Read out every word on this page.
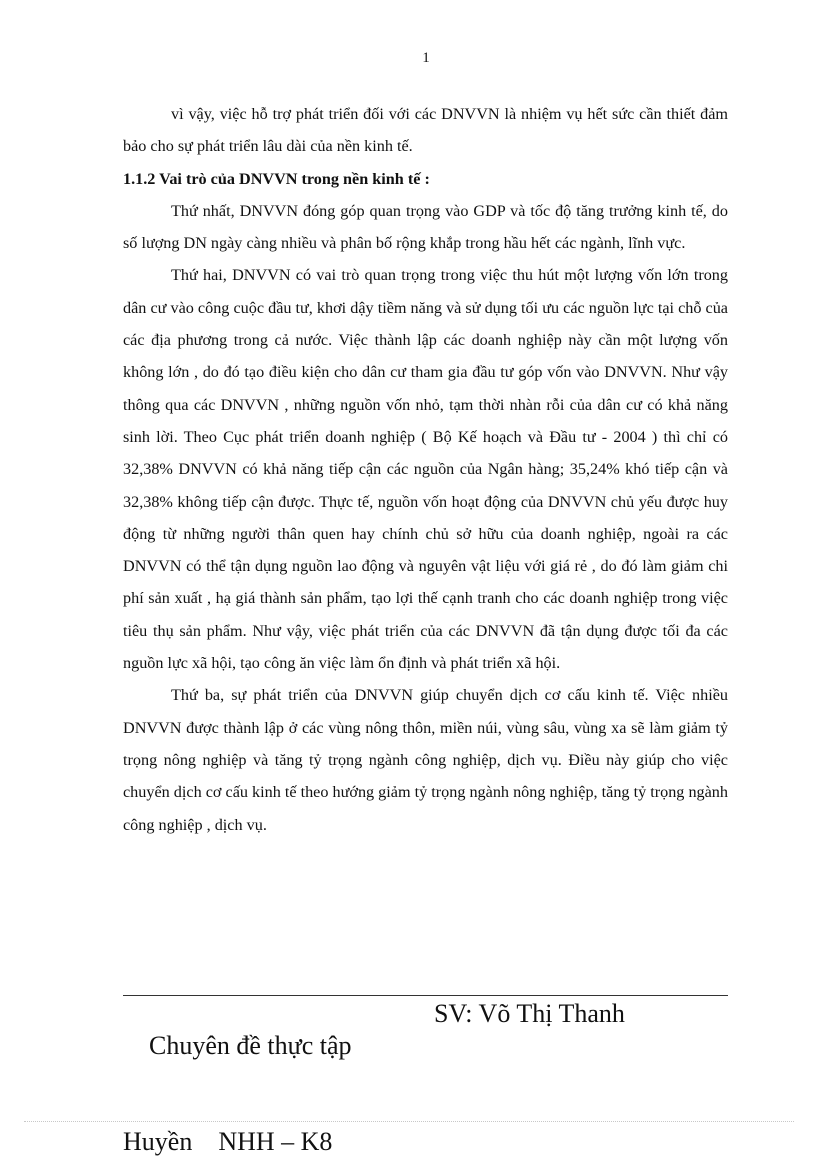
1

vì vậy, việc hỗ trợ phát triển đối với các DNVVN là nhiệm vụ hết sức cần thiết đảm bảo cho sự phát triển lâu dài của nền kinh tế.

1.1.2 Vai trò của DNVVN trong nền kinh tế :

Thứ nhất, DNVVN đóng góp quan trọng vào GDP và tốc độ tăng trưởng kinh tế, do số lượng DN ngày càng nhiều và phân bố rộng khắp trong hầu hết các ngành, lĩnh vực.

Thứ hai, DNVVN có vai trò quan trọng trong việc thu hút một lượng vốn lớn trong dân cư vào công cuộc đầu tư, khơi dậy tiềm năng và sử dụng tối ưu các nguồn lực tại chỗ của các địa phương trong cả nước. Việc thành lập các doanh nghiệp này cần một lượng vốn không lớn , do đó tạo điều kiện cho dân cư tham gia đầu tư góp vốn vào DNVVN. Như vậy thông qua các DNVVN , những nguồn vốn nhỏ, tạm thời nhàn rỗi của dân cư có khả năng sinh lời. Theo Cục phát triển doanh nghiệp ( Bộ Kế hoạch và Đầu tư - 2004 ) thì chỉ có 32,38% DNVVN có khả năng tiếp cận các nguồn của Ngân hàng; 35,24% khó tiếp cận và 32,38% không tiếp cận được. Thực tế, nguồn vốn hoạt động của DNVVN chủ yếu được huy động từ những người thân quen hay chính chủ sở hữu của doanh nghiệp, ngoài ra các DNVVN có thể tận dụng nguồn lao động và nguyên vật liệu với giá rẻ , do đó làm giảm chi phí sản xuất , hạ giá thành sản phẩm, tạo lợi thế cạnh tranh cho các doanh nghiệp trong việc tiêu thụ sản phẩm. Như vậy, việc phát triển của các DNVVN đã tận dụng được tối đa các nguồn lực xã hội, tạo công ăn việc làm ổn định và phát triển xã hội.

Thứ ba, sự phát triển của DNVVN giúp chuyển dịch cơ cấu kinh tế. Việc nhiều DNVVN được thành lập ở các vùng nông thôn, miền núi, vùng sâu, vùng xa sẽ làm giảm tỷ trọng nông nghiệp và tăng tỷ trọng ngành công nghiệp, dịch vụ. Điều này giúp cho việc chuyển dịch cơ cấu kinh tế theo hướng giảm tỷ trọng ngành nông nghiệp, tăng tỷ trọng ngành công nghiệp , dịch vụ.

Chuyên đề thực tập

SV: Võ Thị Thanh

Huyền    NHH – K8
